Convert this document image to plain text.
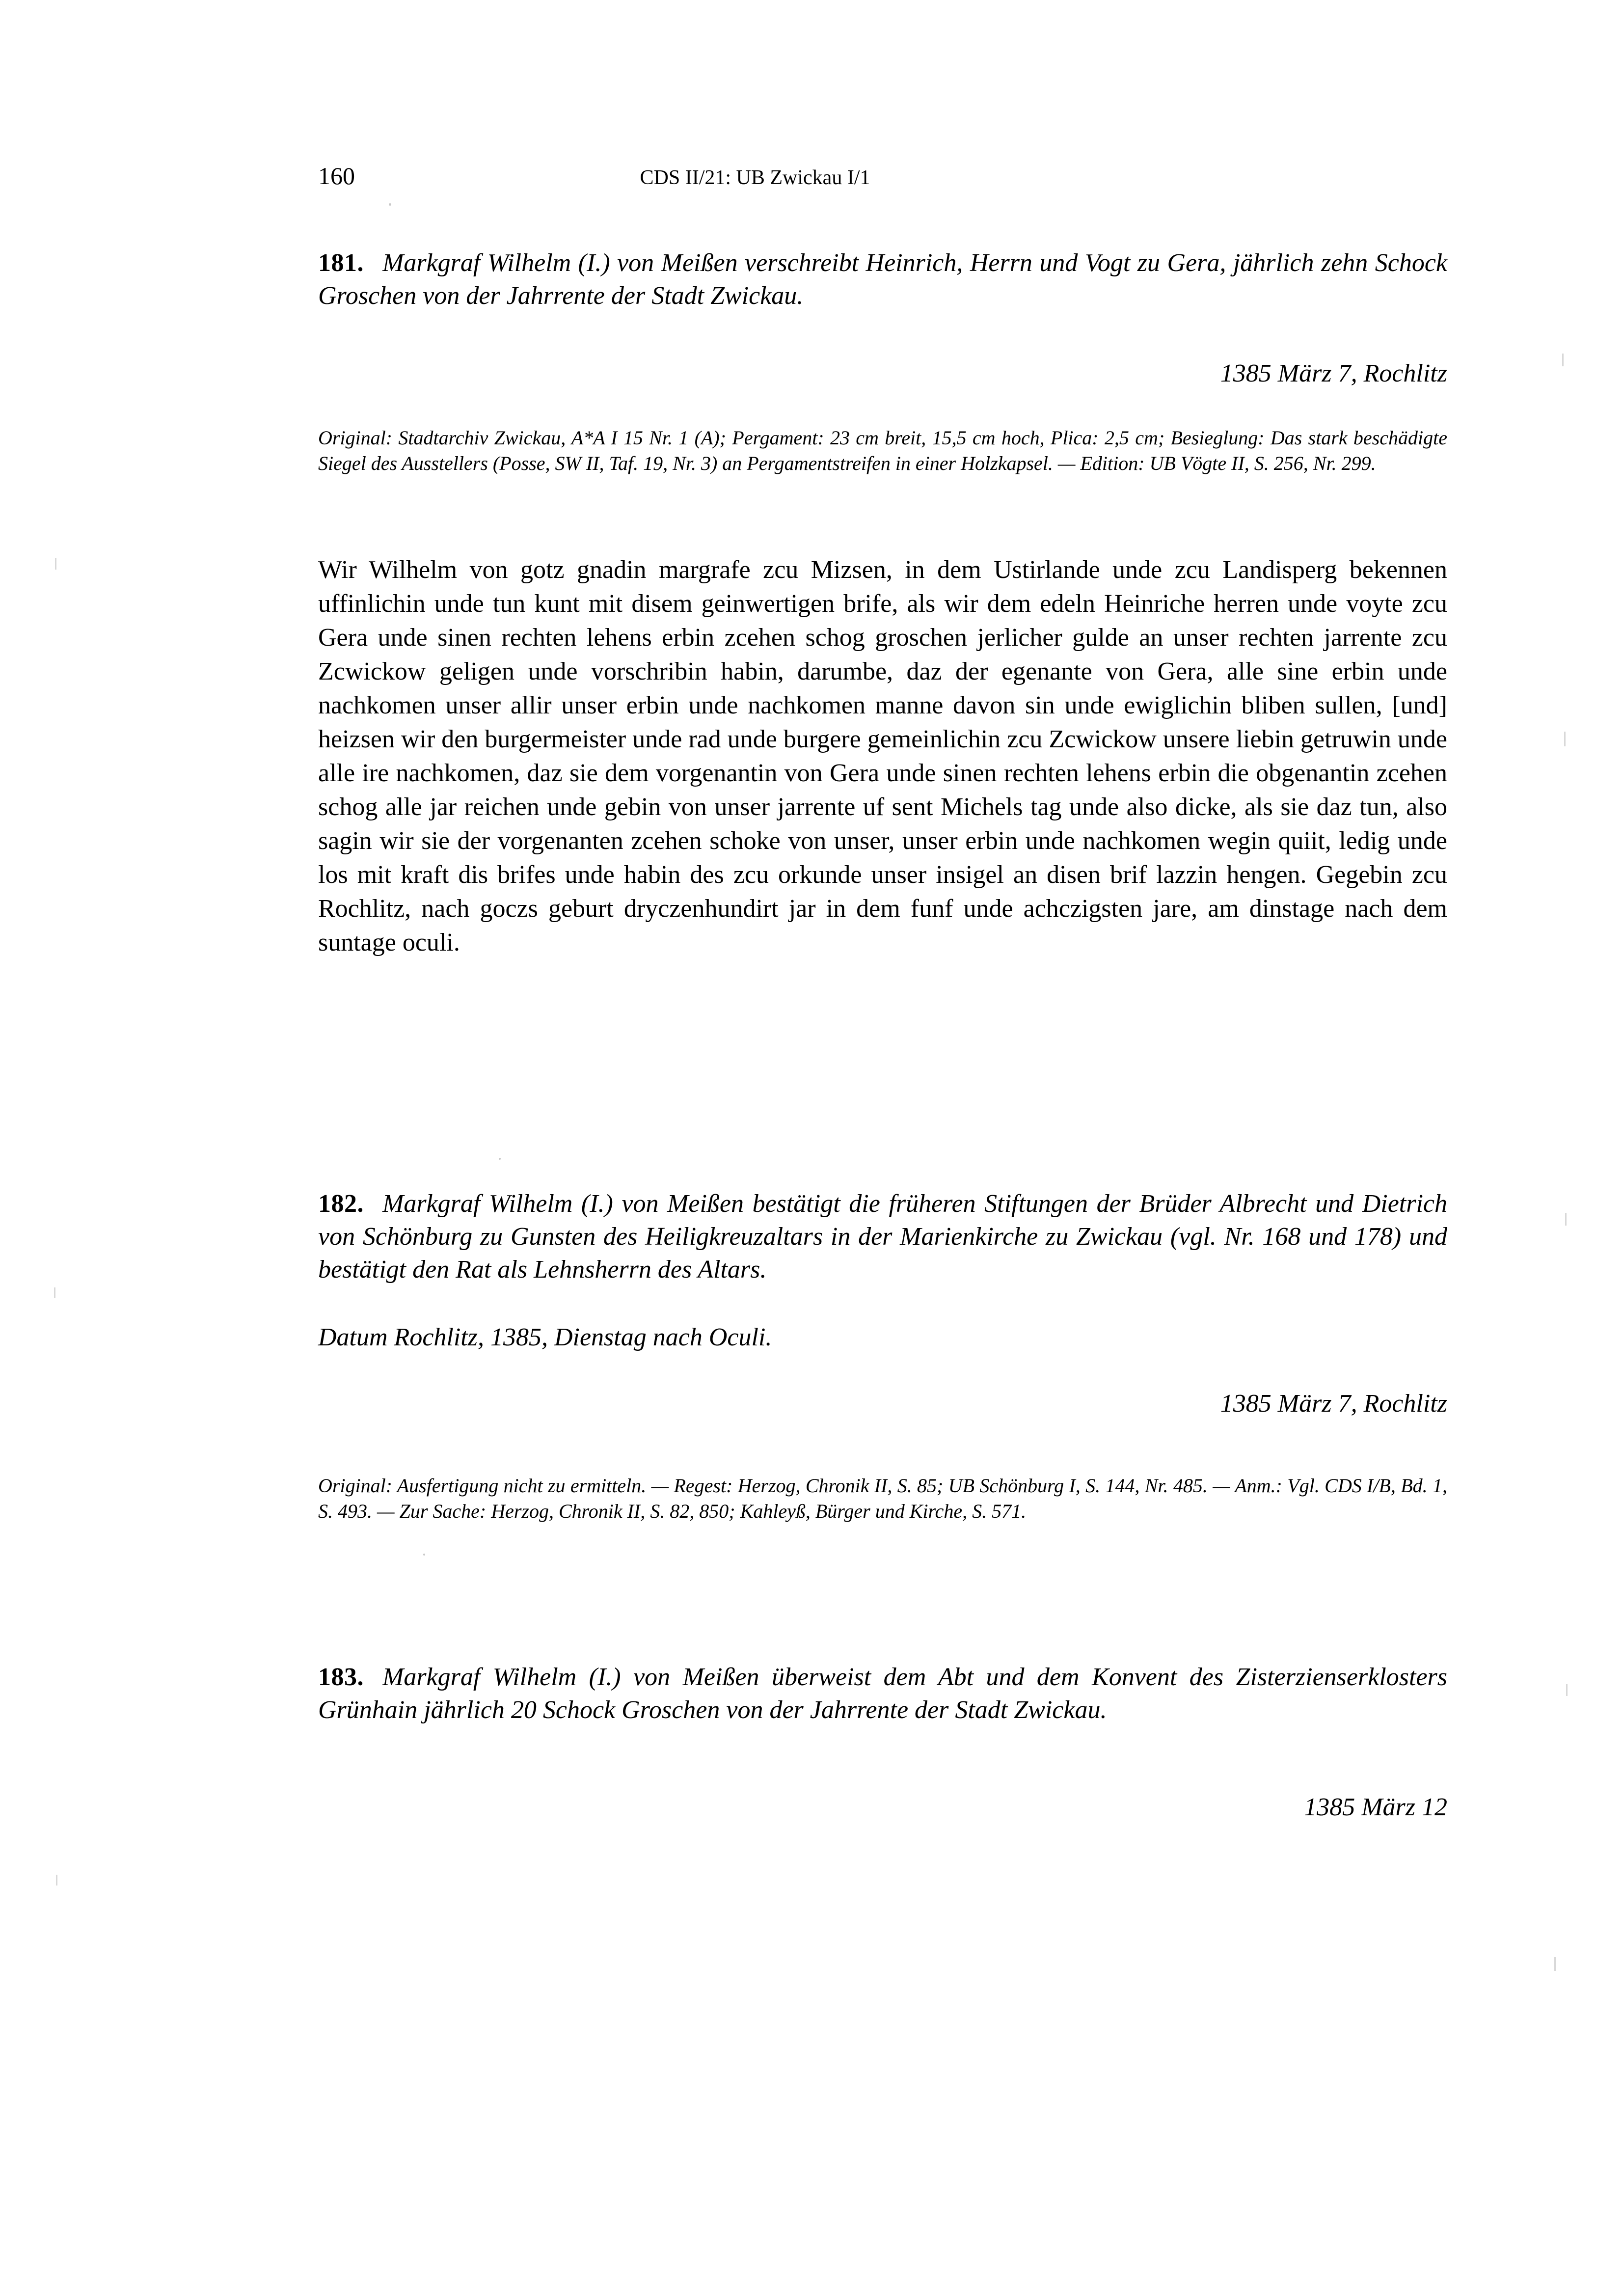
160	CDS II/21: UB Zwickau I/1

181. Markgraf Wilhelm (I.) von Meißen verschreibt Heinrich, Herrn und Vogt zu Gera, jährlich zehn Schock Groschen von der Jahrrente der Stadt Zwickau.

1385 März 7, Rochlitz

Original: Stadtarchiv Zwickau, A*A I 15 Nr. 1 (A); Pergament: 23 cm breit, 15,5 cm hoch, Plica: 2,5 cm; Besieglung: Das stark beschädigte Siegel des Ausstellers (Posse, SW II, Taf. 19, Nr. 3) an Pergamentstreifen in einer Holzkapsel. — Edition: UB Vögte II, S. 256, Nr. 299.

Wir Wilhelm von gotz gnadin margrafe zcu Mizsen, in dem Ustirlande unde zcu Landisperg bekennen uffinlichin unde tun kunt mit disem geinwertigen brife, als wir dem edeln Heinriche herren unde voyte zcu Gera unde sinen rechten lehens erbin zcehen schog groschen jerlicher gulde an unser rechten jarrente zcu Zcwickow geligen unde vorschribin habin, darumbe, daz der egenante von Gera, alle sine erbin unde nachkomen unser allir unser erbin unde nachkomen manne davon sin unde ewiglichin bliben sullen, [und] heizsen wir den burgermeister unde rad unde burgere gemeinlichin zcu Zcwickow unsere liebin getruwin unde alle ire nachkomen, daz sie dem vorgenantin von Gera unde sinen rechten lehens erbin die obgenantin zcehen schog alle jar reichen unde gebin von unser jarrente uf sent Michels tag unde also dicke, als sie daz tun, also sagin wir sie der vorgenanten zcehen schoke von unser, unser erbin unde nachkomen wegin quiit, ledig unde los mit kraft dis brifes unde habin des zcu orkunde unser insigel an disen brif lazzin hengen. Gegebin zcu Rochlitz, nach goczs geburt dryczenhundirt jar in dem funf unde achczigsten jare, am dinstage nach dem suntage oculi.

182. Markgraf Wilhelm (I.) von Meißen bestätigt die früheren Stiftungen der Brüder Albrecht und Dietrich von Schönburg zu Gunsten des Heiligkreuzaltars in der Marienkirche zu Zwickau (vgl. Nr. 168 und 178) und bestätigt den Rat als Lehnsherrn des Altars.

Datum Rochlitz, 1385, Dienstag nach Oculi.

1385 März 7, Rochlitz

Original: Ausfertigung nicht zu ermitteln. — Regest: Herzog, Chronik II, S. 85; UB Schönburg I, S. 144, Nr. 485. — Anm.: Vgl. CDS I/B, Bd. 1, S. 493. — Zur Sache: Herzog, Chronik II, S. 82, 850; Kahleyß, Bürger und Kirche, S. 571.

183. Markgraf Wilhelm (I.) von Meißen überweist dem Abt und dem Konvent des Zisterzienserklosters Grünhain jährlich 20 Schock Groschen von der Jahrrente der Stadt Zwickau.

1385 März 12
